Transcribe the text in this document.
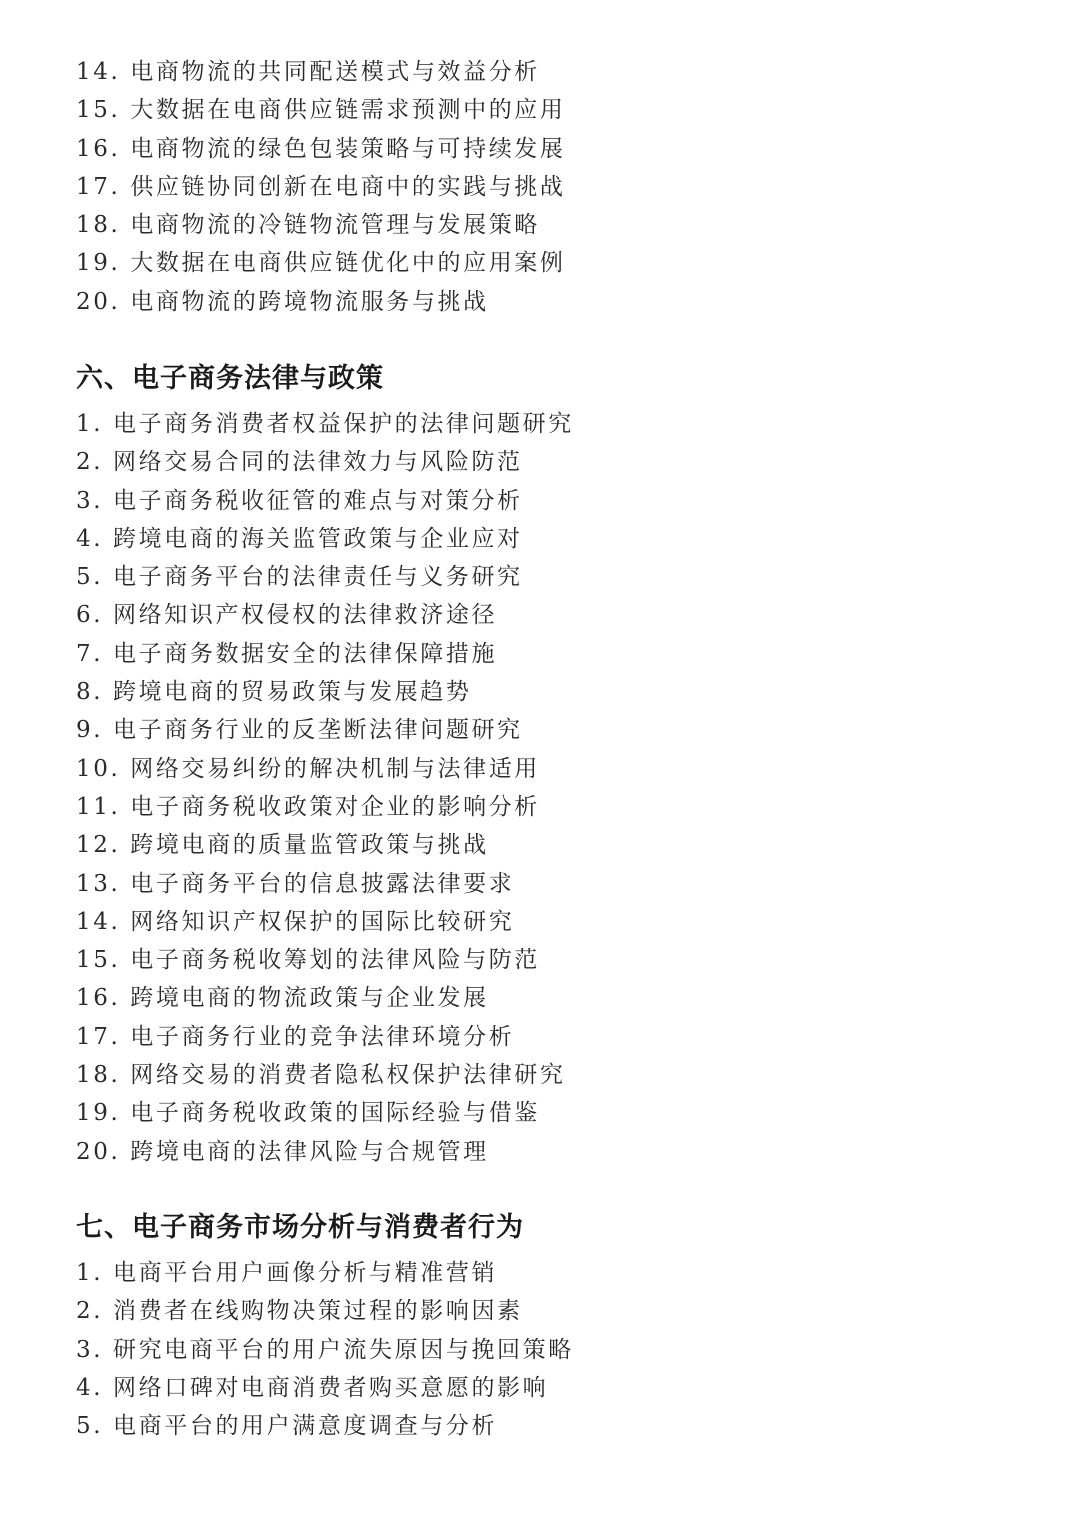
14. 电商物流的共同配送模式与效益分析
15. 大数据在电商供应链需求预测中的应用
16. 电商物流的绿色包装策略与可持续发展
17. 供应链协同创新在电商中的实践与挑战
18. 电商物流的冷链物流管理与发展策略
19. 大数据在电商供应链优化中的应用案例
20. 电商物流的跨境物流服务与挑战
六、电子商务法律与政策
1. 电子商务消费者权益保护的法律问题研究
2. 网络交易合同的法律效力与风险防范
3. 电子商务税收征管的难点与对策分析
4. 跨境电商的海关监管政策与企业应对
5. 电子商务平台的法律责任与义务研究
6. 网络知识产权侵权的法律救济途径
7. 电子商务数据安全的法律保障措施
8. 跨境电商的贸易政策与发展趋势
9. 电子商务行业的反垄断法律问题研究
10. 网络交易纠纷的解决机制与法律适用
11. 电子商务税收政策对企业的影响分析
12. 跨境电商的质量监管政策与挑战
13. 电子商务平台的信息披露法律要求
14. 网络知识产权保护的国际比较研究
15. 电子商务税收筹划的法律风险与防范
16. 跨境电商的物流政策与企业发展
17. 电子商务行业的竞争法律环境分析
18. 网络交易的消费者隐私权保护法律研究
19. 电子商务税收政策的国际经验与借鉴
20. 跨境电商的法律风险与合规管理
七、电子商务市场分析与消费者行为
1. 电商平台用户画像分析与精准营销
2. 消费者在线购物决策过程的影响因素
3. 研究电商平台的用户流失原因与挽回策略
4. 网络口碑对电商消费者购买意愿的影响
5. 电商平台的用户满意度调查与分析
